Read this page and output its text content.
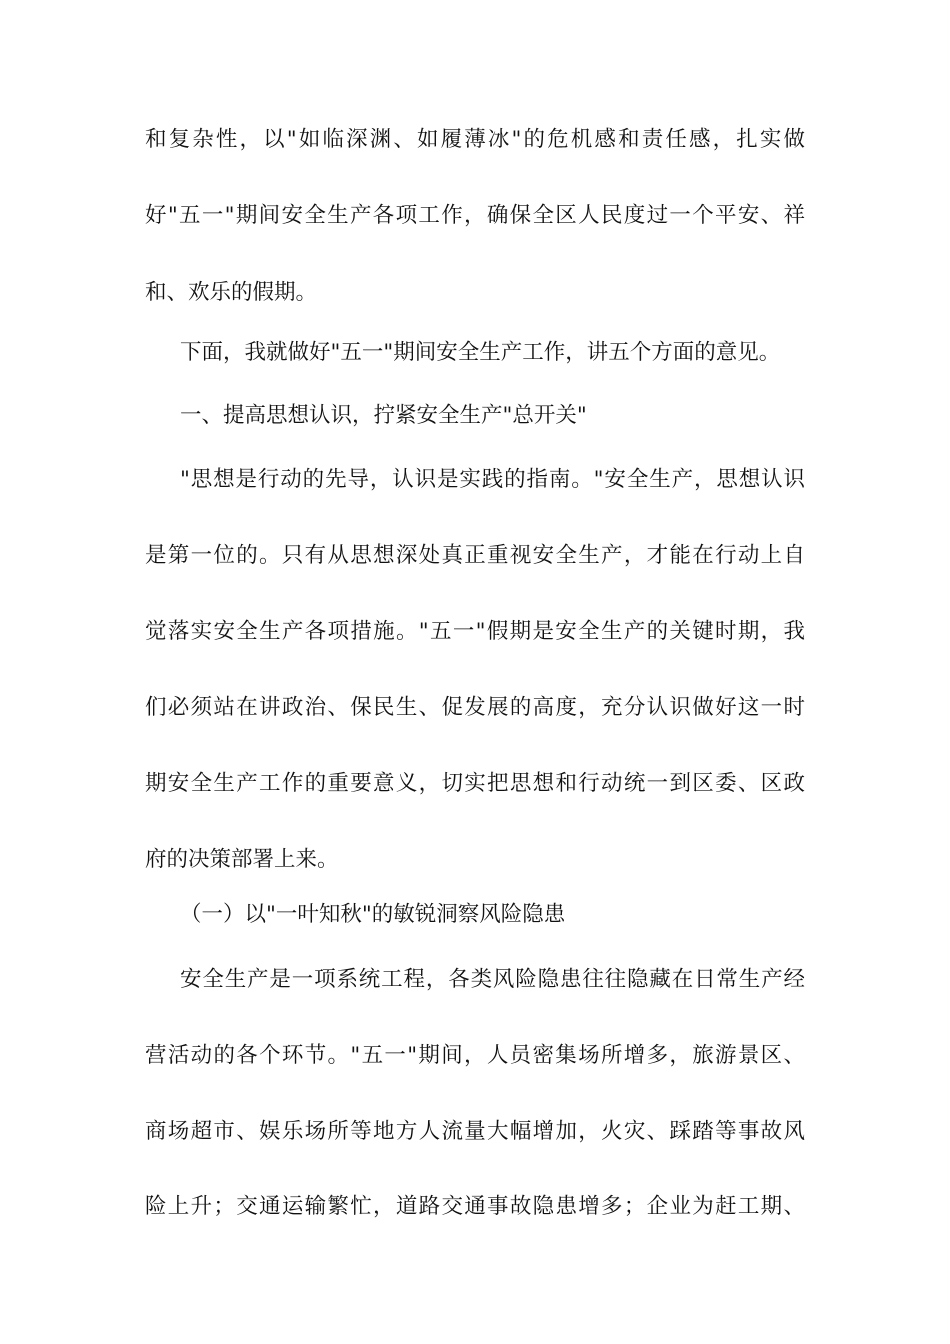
和复杂性，以"如临深渊、如履薄冰"的危机感和责任感，扎实做
好"五一"期间安全生产各项工作，确保全区人民度过一个平安、祥
和、欢乐的假期。
下面，我就做好"五一"期间安全生产工作，讲五个方面的意见。
一、提高思想认识，拧紧安全生产"总开关"
"思想是行动的先导，认识是实践的指南。"安全生产，思想认识
是第一位的。只有从思想深处真正重视安全生产，才能在行动上自
觉落实安全生产各项措施。"五一"假期是安全生产的关键时期，我
们必须站在讲政治、保民生、促发展的高度，充分认识做好这一时
期安全生产工作的重要意义，切实把思想和行动统一到区委、区政
府的决策部署上来。
（一）以"一叶知秋"的敏锐洞察风险隐患
安全生产是一项系统工程，各类风险隐患往往隐藏在日常生产经
营活动的各个环节。"五一"期间，人员密集场所增多，旅游景区、
商场超市、娱乐场所等地方人流量大幅增加，火灾、踩踏等事故风
险上升；交通运输繁忙，道路交通事故隐患增多；企业为赶工期、
